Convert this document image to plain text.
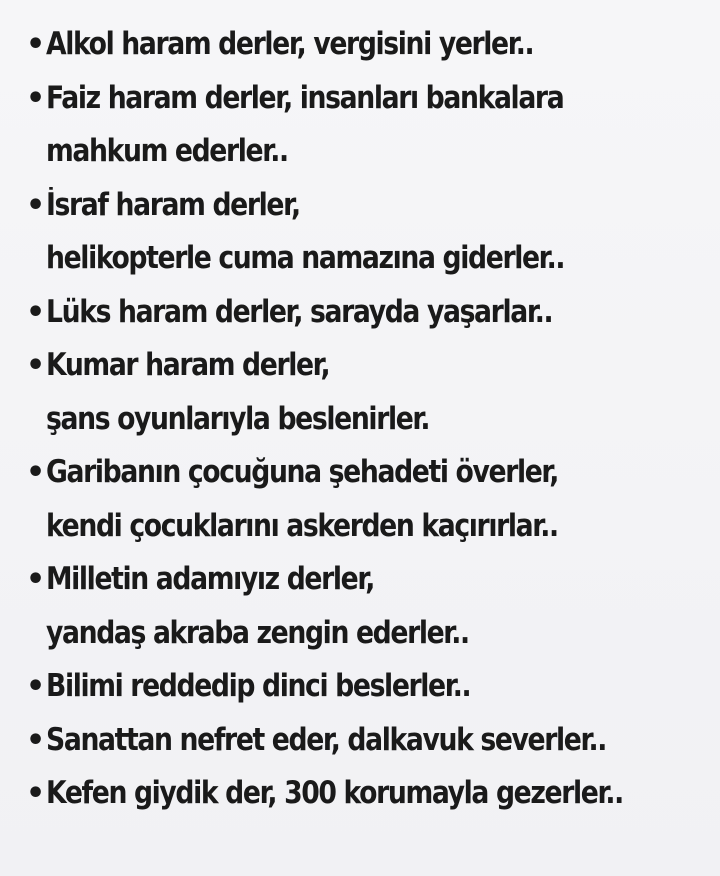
• Alkol haram derler, vergisini yerler..
• Faiz haram derler, insanları bankalara
mahkum ederler..
• İsraf haram derler,
helikopterle cuma namazına giderler..
• Lüks haram derler, sarayda yaşarlar..
• Kumar haram derler,
şans oyunlarıyla beslenirler.
• Garibanın çocuğuna şehadeti överler,
kendi çocuklarını askerden kaçırırlar..
• Milletin adamıyız derler,
yandaş akraba zengin ederler..
• Bilimi reddedip dinci beslerler..
• Sanattan nefret eder, dalkavuk severler..
• Kefen giydik der, 300 korumayla gezerler..
